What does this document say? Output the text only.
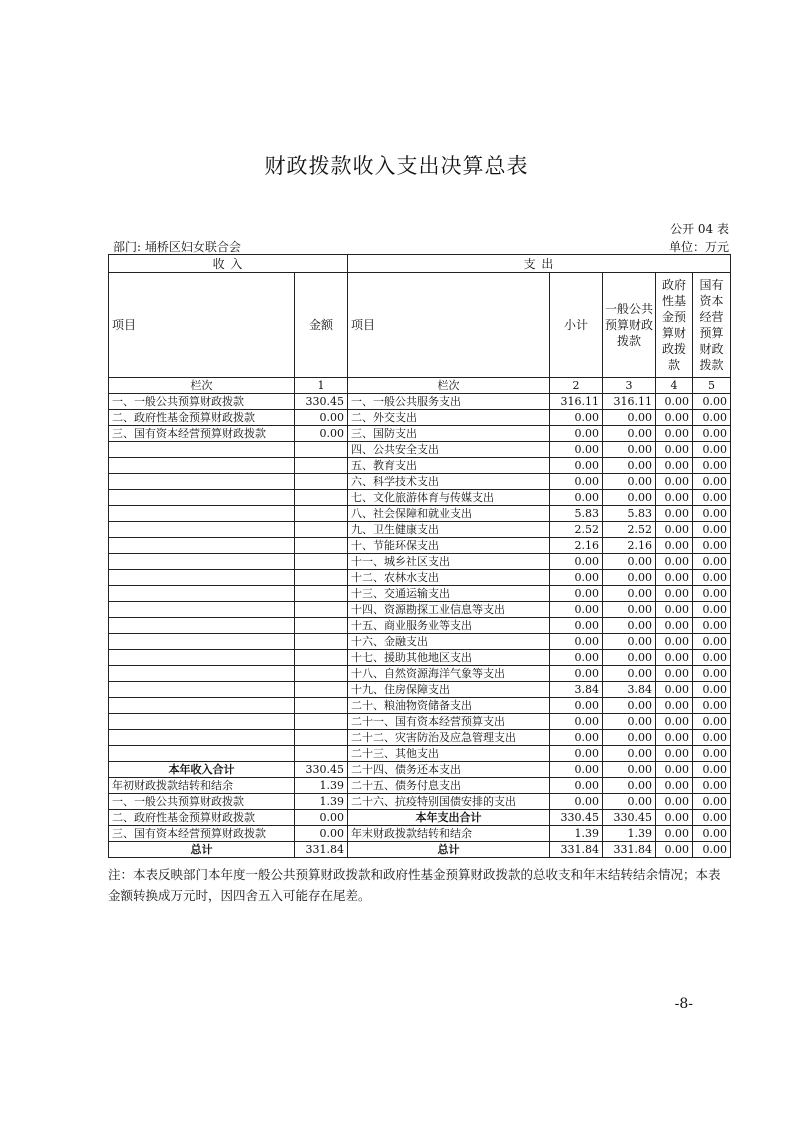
财政拨款收入支出决算总表
公开 04 表
部门: 埇桥区妇女联合会	单位：万元
收 入		支 出				
项目	金额	项目	小计	一般公共预算财政拨款	政府性基金预算财政拨款	国有资本经营预算财政拨款
栏次	1	栏次	2	3	4	5
一、一般公共预算财政拨款	330.45	一、一般公共服务支出	316.11	316.11	0.00	0.00
二、政府性基金预算财政拨款	0.00	二、外交支出	0.00	0.00	0.00	0.00
三、国有资本经营预算财政拨款	0.00	三、国防支出	0.00	0.00	0.00	0.00
		四、公共安全支出	0.00	0.00	0.00	0.00
		五、教育支出	0.00	0.00	0.00	0.00
		六、科学技术支出	0.00	0.00	0.00	0.00
		七、文化旅游体育与传媒支出	0.00	0.00	0.00	0.00
		八、社会保障和就业支出	5.83	5.83	0.00	0.00
		九、卫生健康支出	2.52	2.52	0.00	0.00
		十、节能环保支出	2.16	2.16	0.00	0.00
		十一、城乡社区支出	0.00	0.00	0.00	0.00
		十二、农林水支出	0.00	0.00	0.00	0.00
		十三、交通运输支出	0.00	0.00	0.00	0.00
		十四、资源勘探工业信息等支出	0.00	0.00	0.00	0.00
		十五、商业服务业等支出	0.00	0.00	0.00	0.00
		十六、金融支出	0.00	0.00	0.00	0.00
		十七、援助其他地区支出	0.00	0.00	0.00	0.00
		十八、自然资源海洋气象等支出	0.00	0.00	0.00	0.00
		十九、住房保障支出	3.84	3.84	0.00	0.00
		二十、粮油物资储备支出	0.00	0.00	0.00	0.00
		二十一、国有资本经营预算支出	0.00	0.00	0.00	0.00
		二十二、灾害防治及应急管理支出	0.00	0.00	0.00	0.00
		二十三、其他支出	0.00	0.00	0.00	0.00
本年收入合计	330.45	二十四、债务还本支出	0.00	0.00	0.00	0.00
年初财政拨款结转和结余	1.39	二十五、债务付息支出	0.00	0.00	0.00	0.00
一、一般公共预算财政拨款	1.39	二十六、抗疫特别国债安排的支出	0.00	0.00	0.00	0.00
二、政府性基金预算财政拨款	0.00	本年支出合计	330.45	330.45	0.00	0.00
三、国有资本经营预算财政拨款	0.00	年末财政拨款结转和结余	1.39	1.39	0.00	0.00
总计	331.84	总计	331.84	331.84	0.00	0.00
注：本表反映部门本年度一般公共预算财政拨款和政府性基金预算财政拨款的总收支和年末结转结余情况；本表金额转换成万元时，因四舍五入可能存在尾差。
-8-
